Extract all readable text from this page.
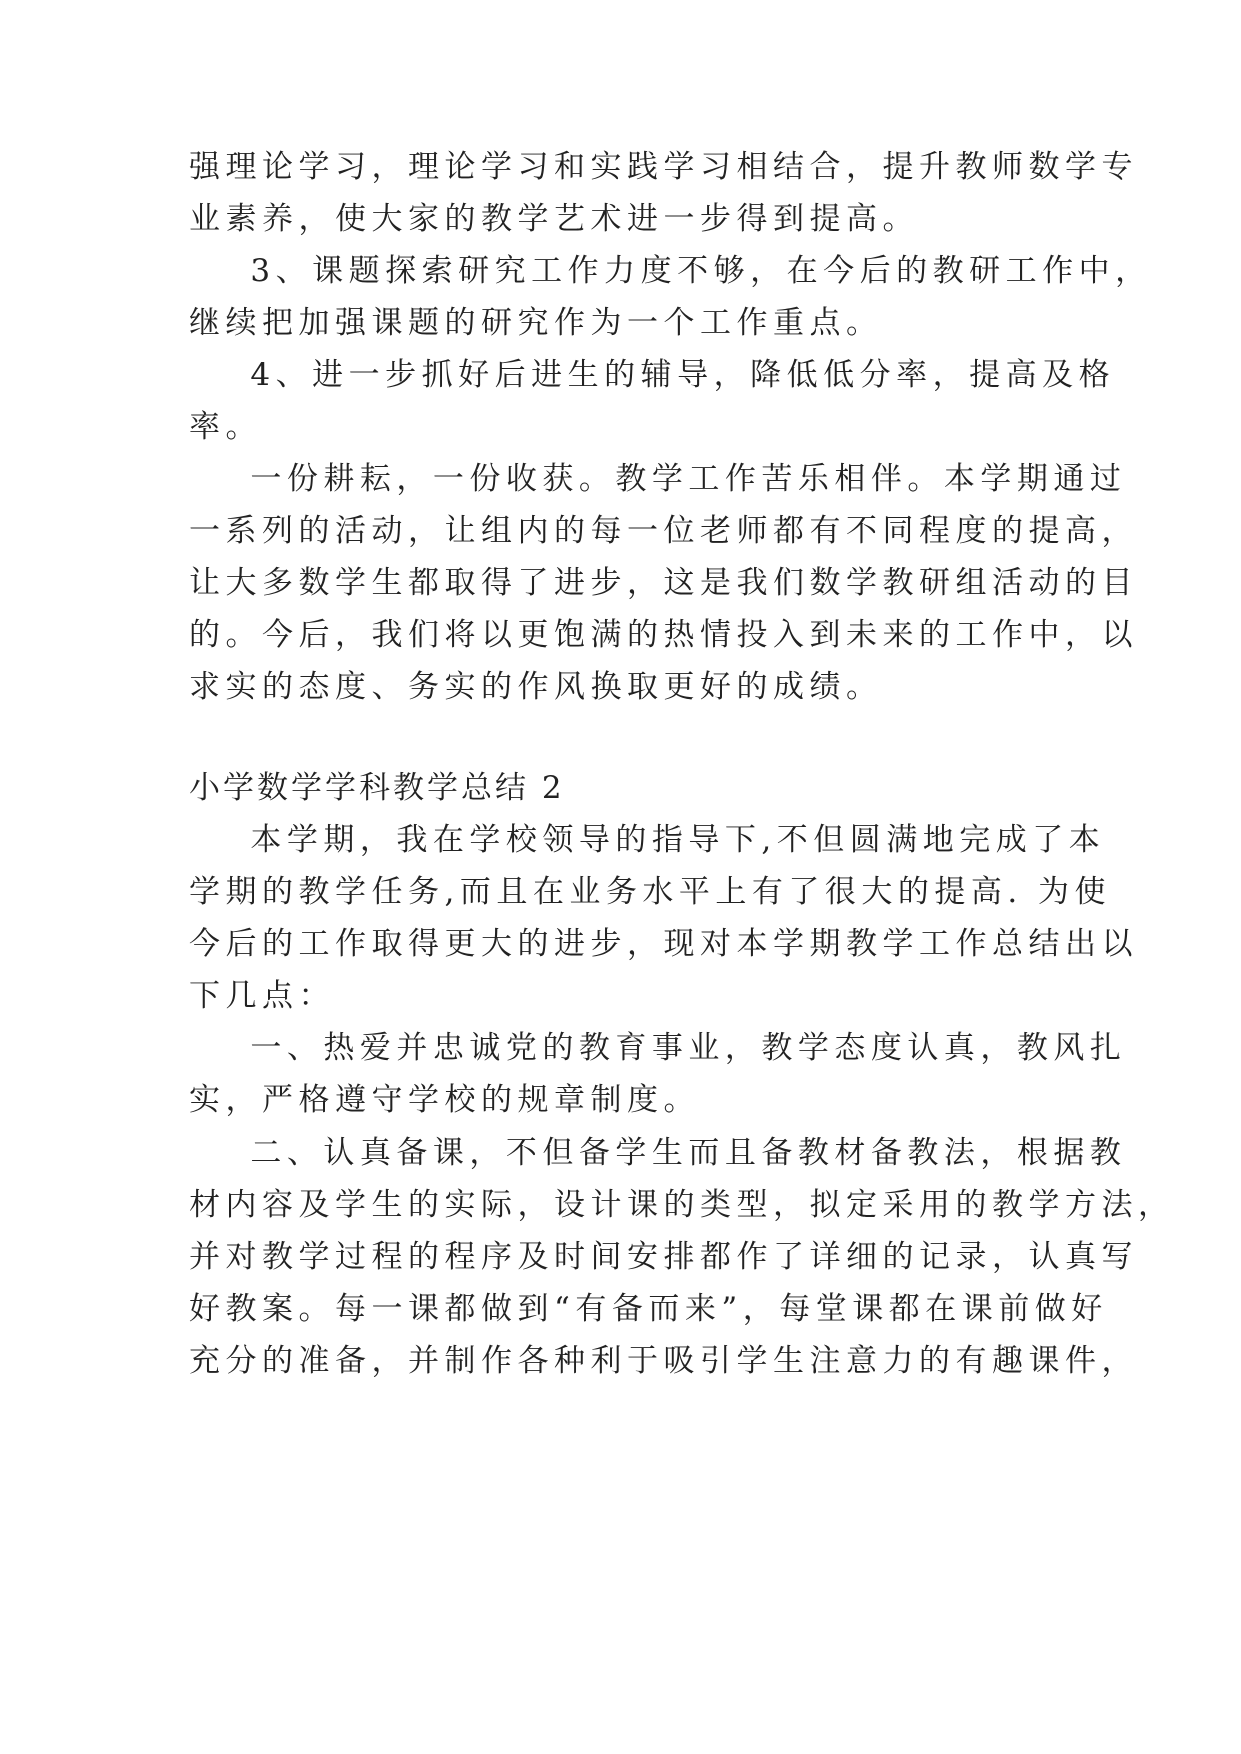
强理论学习，理论学习和实践学习相结合，提升教师数学专
业素养，使大家的教学艺术进一步得到提高。
3、课题探索研究工作力度不够，在今后的教研工作中，
继续把加强课题的研究作为一个工作重点。
4、进一步抓好后进生的辅导，降低低分率，提高及格
率。
一份耕耘，一份收获。教学工作苦乐相伴。本学期通过
一系列的活动，让组内的每一位老师都有不同程度的提高，
让大多数学生都取得了进步，这是我们数学教研组活动的目
的。今后，我们将以更饱满的热情投入到未来的工作中，以
求实的态度、务实的作风换取更好的成绩。
小学数学学科教学总结 2
本学期，我在学校领导的指导下,不但圆满地完成了本
学期的教学任务,而且在业务水平上有了很大的提高. 为使
今后的工作取得更大的进步，现对本学期教学工作总结出以
下几点：
一、热爱并忠诚党的教育事业，教学态度认真，教风扎
实，严格遵守学校的规章制度。
二、认真备课，不但备学生而且备教材备教法，根据教
材内容及学生的实际，设计课的类型，拟定采用的教学方法，
并对教学过程的程序及时间安排都作了详细的记录，认真写
好教案。每一课都做到“有备而来”，每堂课都在课前做好
充分的准备，并制作各种利于吸引学生注意力的有趣课件，
